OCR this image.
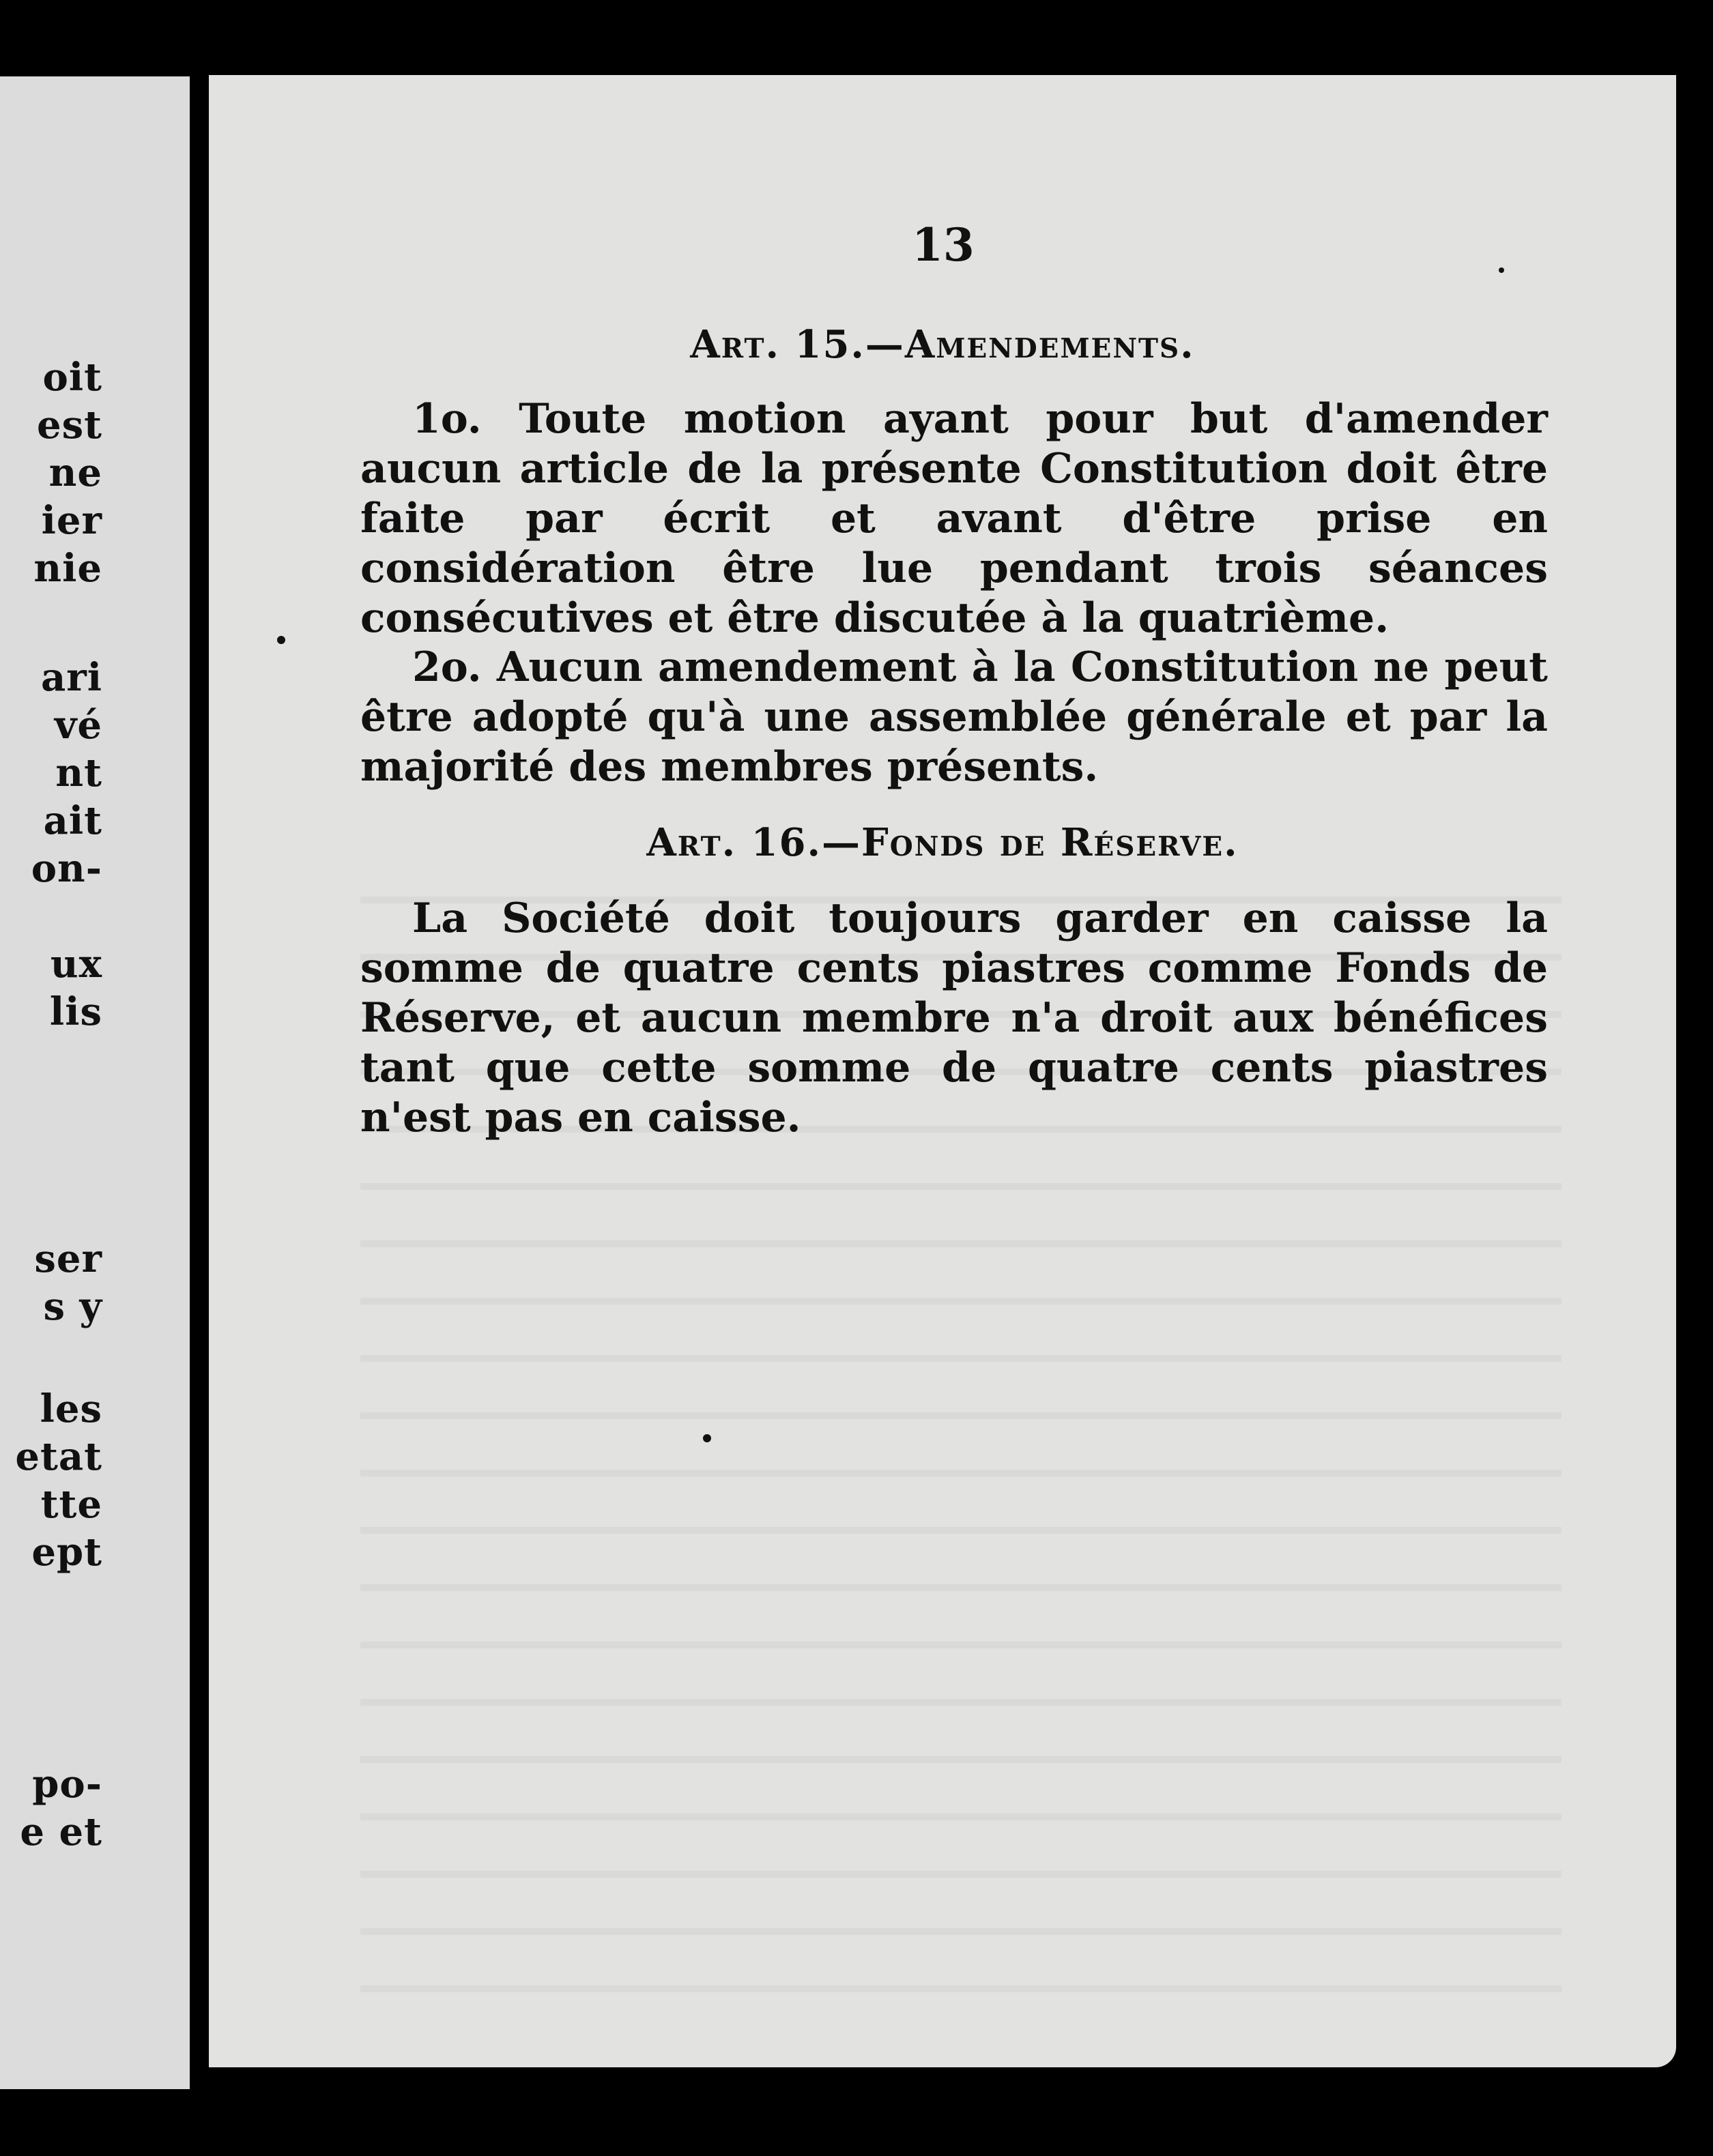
oit
est
ne
ier
nie
ari
vé
nt
ait
on-
ux
lis
ser
s y
les
etat
tte
ept
po-
e et
13
Art. 15.—Amendements.

1o. Toute motion ayant pour but d'amender aucun article de la présente Constitution doit être faite par écrit et avant d'être prise en considération être lue pendant trois séances consécutives et être discutée à la quatrième.

2o. Aucun amendement à la Constitution ne peut être adopté qu'à une assemblée générale et par la majorité des membres présents.

Art. 16.—Fonds de Réserve.

La Société doit toujours garder en caisse la somme de quatre cents piastres comme Fonds de Réserve, et aucun membre n'a droit aux bénéfices tant que cette somme de quatre cents piastres n'est pas en caisse.
